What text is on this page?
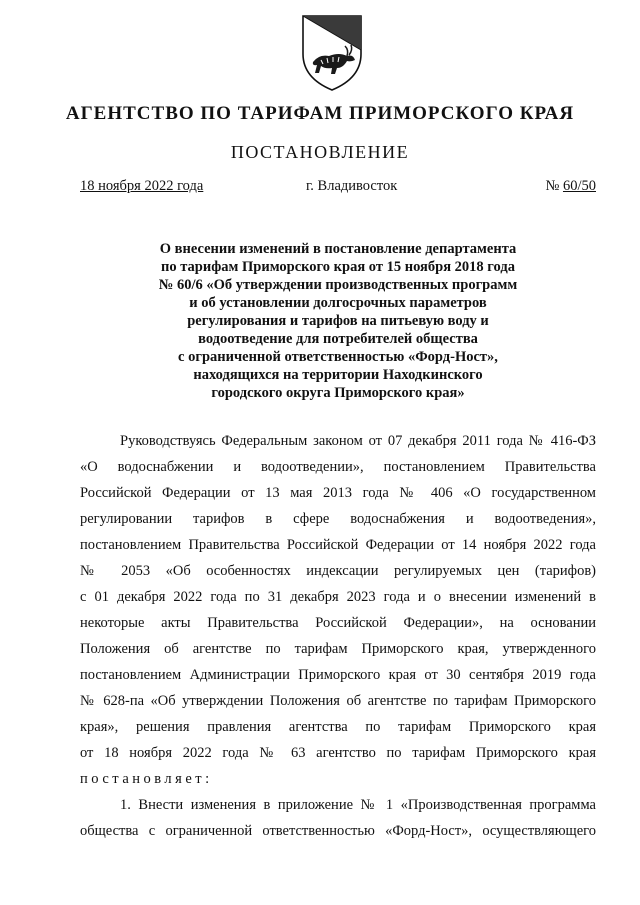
АГЕНТСТВО ПО ТАРИФАМ ПРИМОРСКОГО КРАЯ
ПОСТАНОВЛЕНИЕ
18 ноября 2022 года	г. Владивосток	№ 60/50
О внесении изменений в постановление департамента
по тарифам Приморского края от 15 ноября 2018 года
№ 60/6 «Об утверждении производственных программ
и об установлении долгосрочных параметров
регулирования и тарифов на питьевую воду и
водоотведение для потребителей общества
с ограниченной ответственностью «Форд-Ност»,
находящихся на территории Находкинского
городского округа Приморского края»
Руководствуясь Федеральным законом от 07 декабря 2011 года № 416-ФЗ
«О водоснабжении и водоотведении», постановлением Правительства
Российской Федерации от 13 мая 2013 года № 406 «О государственном
регулировании тарифов в сфере водоснабжения и водоотведения»,
постановлением Правительства Российской Федерации от 14 ноября 2022 года
№ 2053 «Об особенностях индексации регулируемых цен (тарифов)
с 01 декабря 2022 года по 31 декабря 2023 года и о внесении изменений в
некоторые акты Правительства Российской Федерации», на основании
Положения об агентстве по тарифам Приморского края, утвержденного
постановлением Администрации Приморского края от 30 сентября 2019 года
№ 628-па «Об утверждении Положения об агентстве по тарифам Приморского
края», решения правления агентства по тарифам Приморского края
от 18 ноября 2022 года № 63 агентство по тарифам Приморского края
постановляет:
1. Внести изменения в приложение № 1 «Производственная программа
общества с ограниченной ответственностью «Форд-Ност», осуществляющего
